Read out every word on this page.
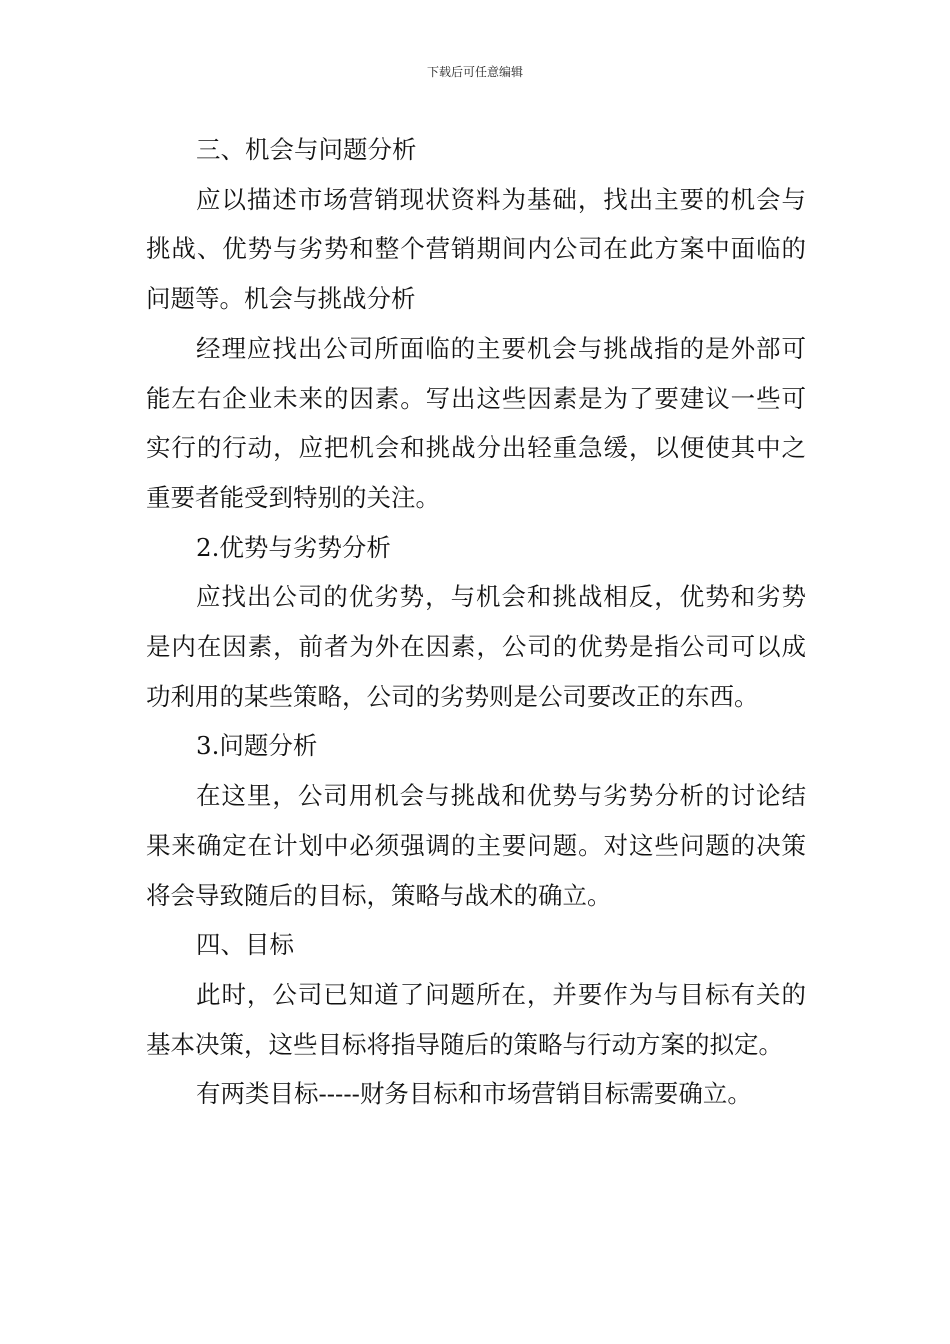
下载后可任意编辑

三、机会与问题分析

应以描述市场营销现状资料为基础，找出主要的机会与挑战、优势与劣势和整个营销期间内公司在此方案中面临的问题等。机会与挑战分析

经理应找出公司所面临的主要机会与挑战指的是外部可能左右企业未来的因素。写出这些因素是为了要建议一些可实行的行动，应把机会和挑战分出轻重急缓，以便使其中之重要者能受到特别的关注。

2.优势与劣势分析

应找出公司的优劣势，与机会和挑战相反，优势和劣势是内在因素，前者为外在因素，公司的优势是指公司可以成功利用的某些策略，公司的劣势则是公司要改正的东西。

3.问题分析

在这里，公司用机会与挑战和优势与劣势分析的讨论结果来确定在计划中必须强调的主要问题。对这些问题的决策将会导致随后的目标，策略与战术的确立。

四、目标

此时，公司已知道了问题所在，并要作为与目标有关的基本决策，这些目标将指导随后的策略与行动方案的拟定。

有两类目标-----财务目标和市场营销目标需要确立。
